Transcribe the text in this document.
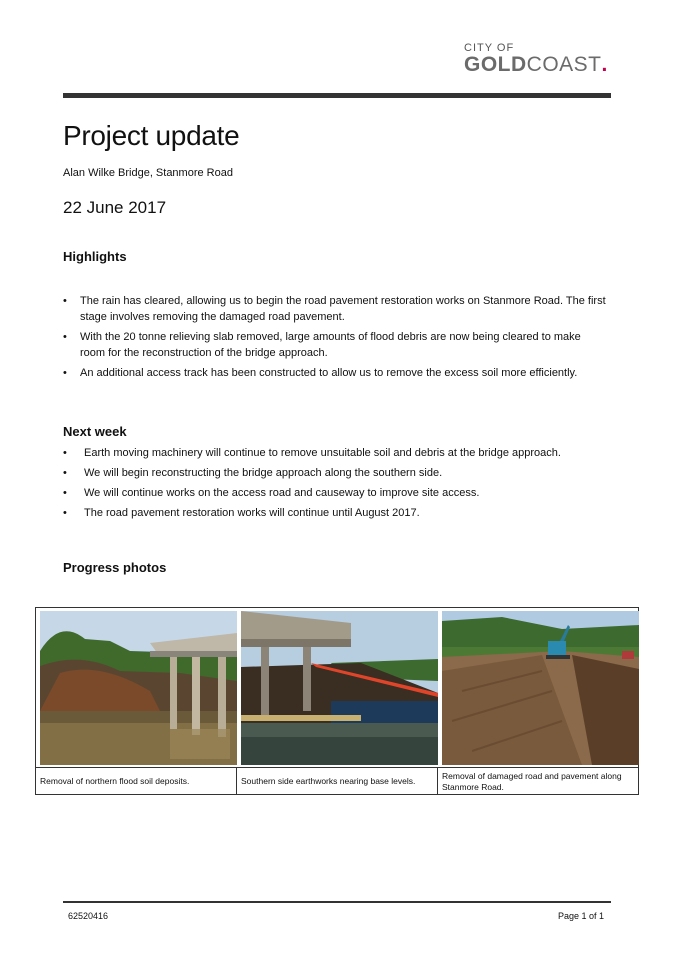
CITY OF
GOLDCOAST.
Project update
Alan Wilke Bridge, Stanmore Road
22 June 2017
Highlights
• The rain has cleared, allowing us to begin the road pavement restoration works on Stanmore Road. The first stage involves removing the damaged road pavement.
• With the 20 tonne relieving slab removed, large amounts of flood debris are now being cleared to make room for the reconstruction of the bridge approach.
• An additional access track has been constructed to allow us to remove the excess soil more efficiently.
Next week
• Earth moving machinery will continue to remove unsuitable soil and debris at the bridge approach.
• We will begin reconstructing the bridge approach along the southern side.
• We will continue works on the access road and causeway to improve site access.
• The road pavement restoration works will continue until August 2017.
Progress photos
Removal of northern flood soil deposits.	Southern side earthworks nearing base levels.
Removal of damaged road and pavement along Stanmore Road.
62520416	Page 1 of 1
